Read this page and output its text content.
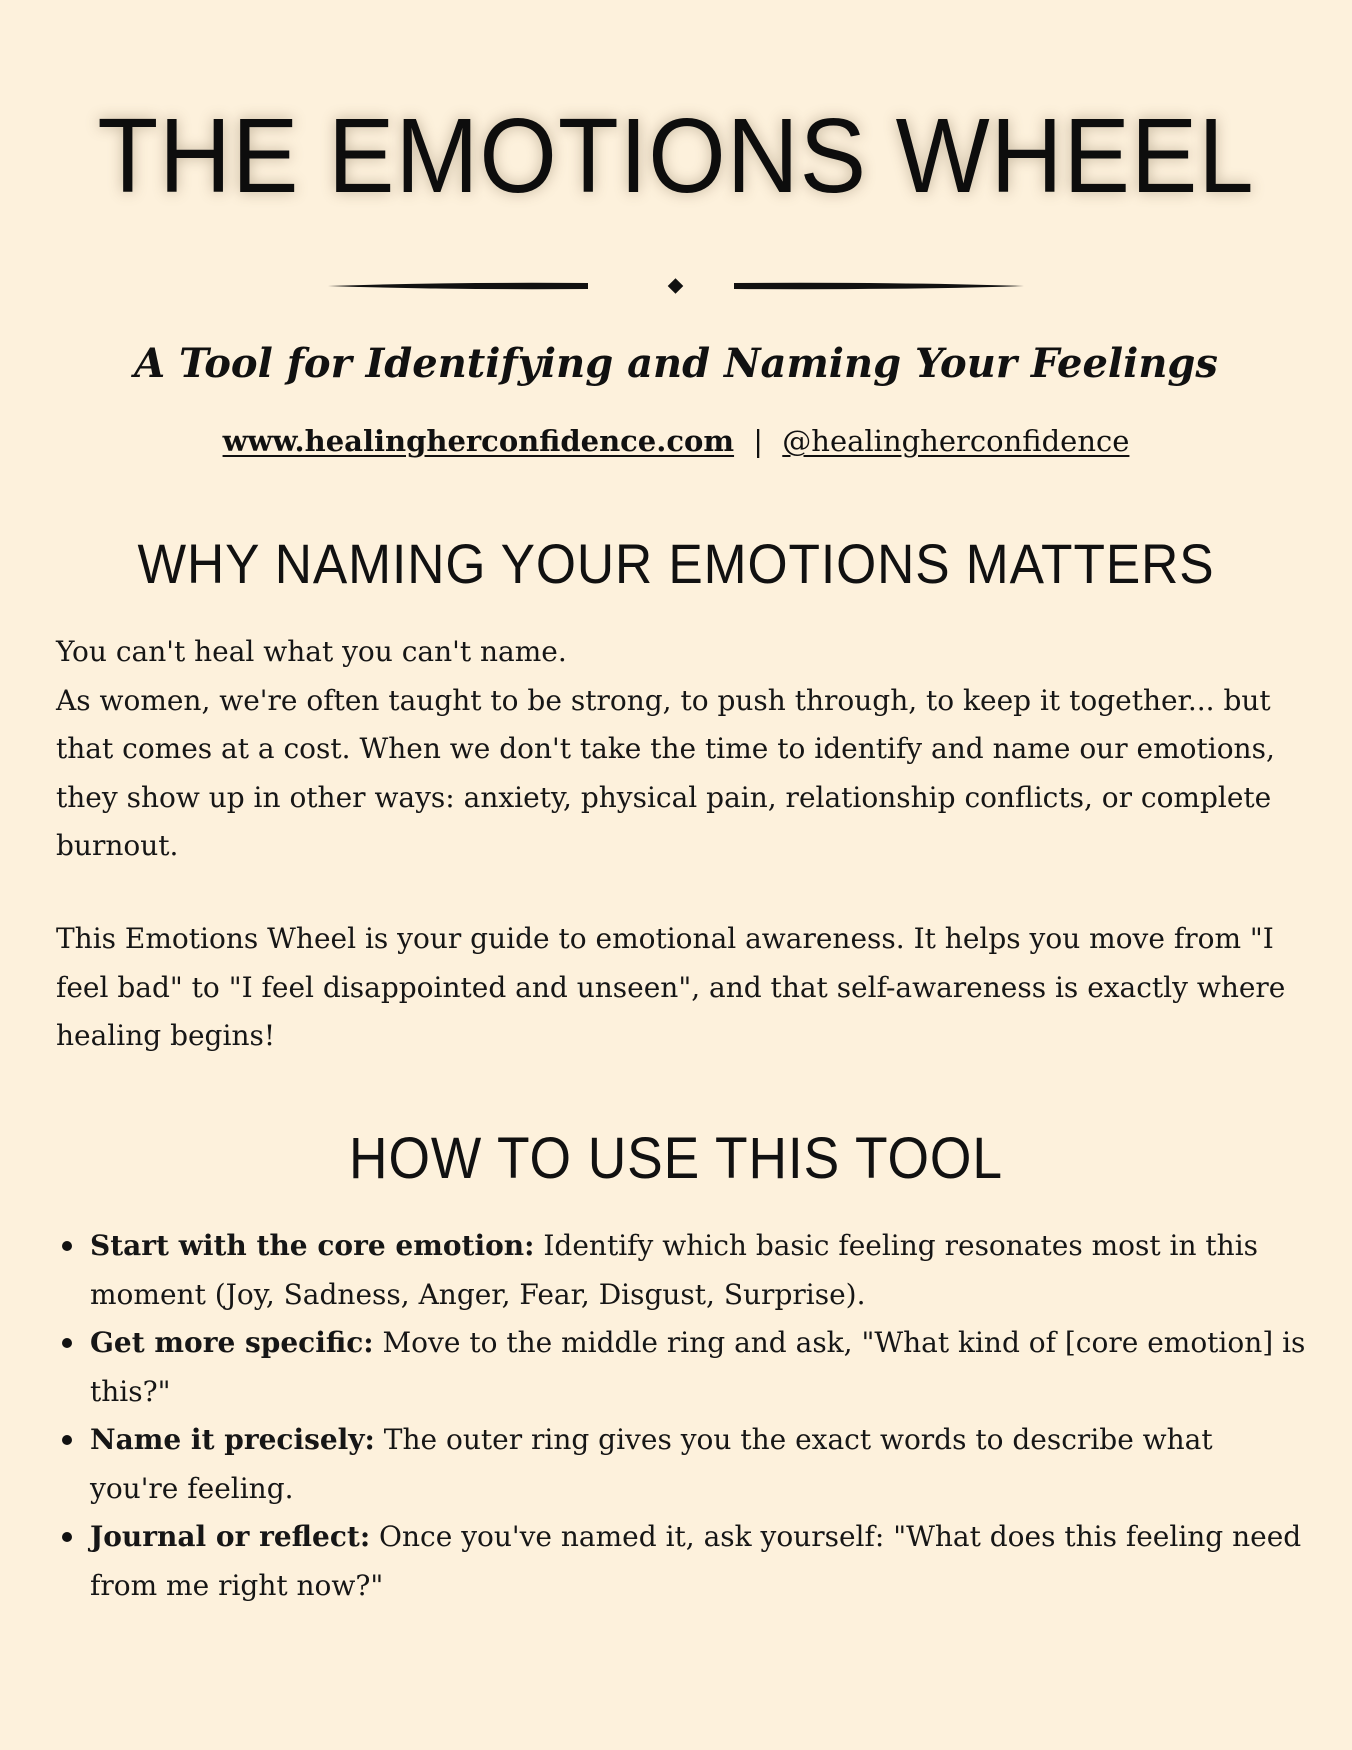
THE EMOTIONS WHEEL
A Tool for Identifying and Naming Your Feelings
www.healingherconfidence.com | @healingherconfidence
WHY NAMING YOUR EMOTIONS MATTERS

You can't heal what you can't name.
As women, we're often taught to be strong, to push through, to keep it together... but that comes at a cost. When we don't take the time to identify and name our emotions, they show up in other ways: anxiety, physical pain, relationship conflicts, or complete burnout.

This Emotions Wheel is your guide to emotional awareness. It helps you move from "I feel bad" to "I feel disappointed and unseen", and that self-awareness is exactly where healing begins!

HOW TO USE THIS TOOL
Start with the core emotion: Identify which basic feeling resonates most in this moment (Joy, Sadness, Anger, Fear, Disgust, Surprise).
Get more specific: Move to the middle ring and ask, "What kind of [core emotion] is this?"
Name it precisely: The outer ring gives you the exact words to describe what you're feeling.
Journal or reflect: Once you've named it, ask yourself: "What does this feeling need from me right now?"
